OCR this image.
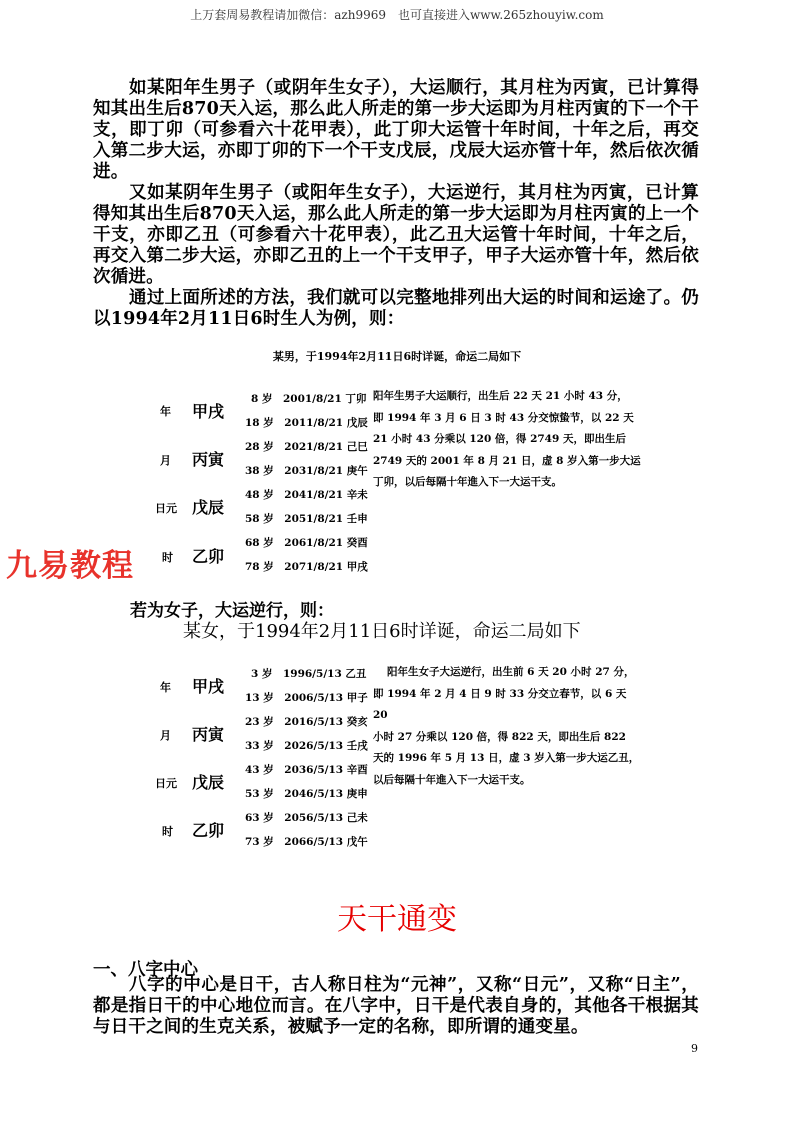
上万套周易教程请加微信：azh9969　也可直接进入www.265zhouyiw.com
如某阳年生男子（或阴年生女子），大运顺行，其月柱为丙寅，已计算得知其出生后870天入运，那么此人所走的第一步大运即为月柱丙寅的下一个干支，即丁卯（可参看六十花甲表），此丁卯大运管十年时间，十年之后，再交入第二步大运，亦即丁卯的下一个干支戊辰，戊辰大运亦管十年，然后依次循进。
又如某阴年生男子（或阳年生女子），大运逆行，其月柱为丙寅，已计算得知其出生后870天入运，那么此人所走的第一步大运即为月柱丙寅的上一个干支，亦即乙丑（可参看六十花甲表），此乙丑大运管十年时间，十年之后，再交入第二步大运，亦即乙丑的上一个干支甲子，甲子大运亦管十年，然后依次循进。
通过上面所述的方法，我们就可以完整地排列出大运的时间和运途了。仍以1994年2月11日6时生人为例，则：
某男，于1994年2月11日6时详诞，命运二局如下
年 甲戌
月 丙寅
日元 戊辰
时 乙卯
8 岁　2001/8/21 丁卯
18 岁　2011/8/21 戊辰
28 岁　2021/8/21 己巳
38 岁　2031/8/21 庚午
48 岁　2041/8/21 辛未
58 岁　2051/8/21 壬申
68 岁　2061/8/21 癸酉
78 岁　2071/8/21 甲戌
阳年生男子大运顺行，出生后 22 天 21 小时 43 分，
即 1994 年 3 月 6 日 3 时 43 分交惊蛰节，以 22 天
21 小时 43 分乘以 120 倍，得 2749 天，即出生后
2749 天的 2001 年 8 月 21 日，虚 8 岁入第一步大运
丁卯，以后每隔十年進入下一大运干支。
九易教程
若为女子，大运逆行，则：
某女，于1994年2月11日6时详诞，命运二局如下
年 甲戌
月 丙寅
日元 戊辰
时 乙卯
3 岁　1996/5/13 乙丑
13 岁　2006/5/13 甲子
23 岁　2016/5/13 癸亥
33 岁　2026/5/13 壬戌
43 岁　2036/5/13 辛酉
53 岁　2046/5/13 庚申
63 岁　2056/5/13 己未
73 岁　2066/5/13 戊午
阳年生女子大运逆行，出生前 6 天 20 小时 27 分，
即 1994 年 2 月 4 日 9 时 33 分交立春节，以 6 天 20
小时 27 分乘以 120 倍，得 822 天，即出生后 822
天的 1996 年 5 月 13 日，虚 3 岁入第一步大运乙丑，
以后每隔十年進入下一大运干支。
天干通变
一、八字中心
八字的中心是日干，古人称日柱为“元神”，又称“日元”，又称“日主”，都是指日干的中心地位而言。在八字中，日干是代表自身的，其他各干根据其与日干之间的生克关系，被赋予一定的名称，即所谓的通变星。
9
